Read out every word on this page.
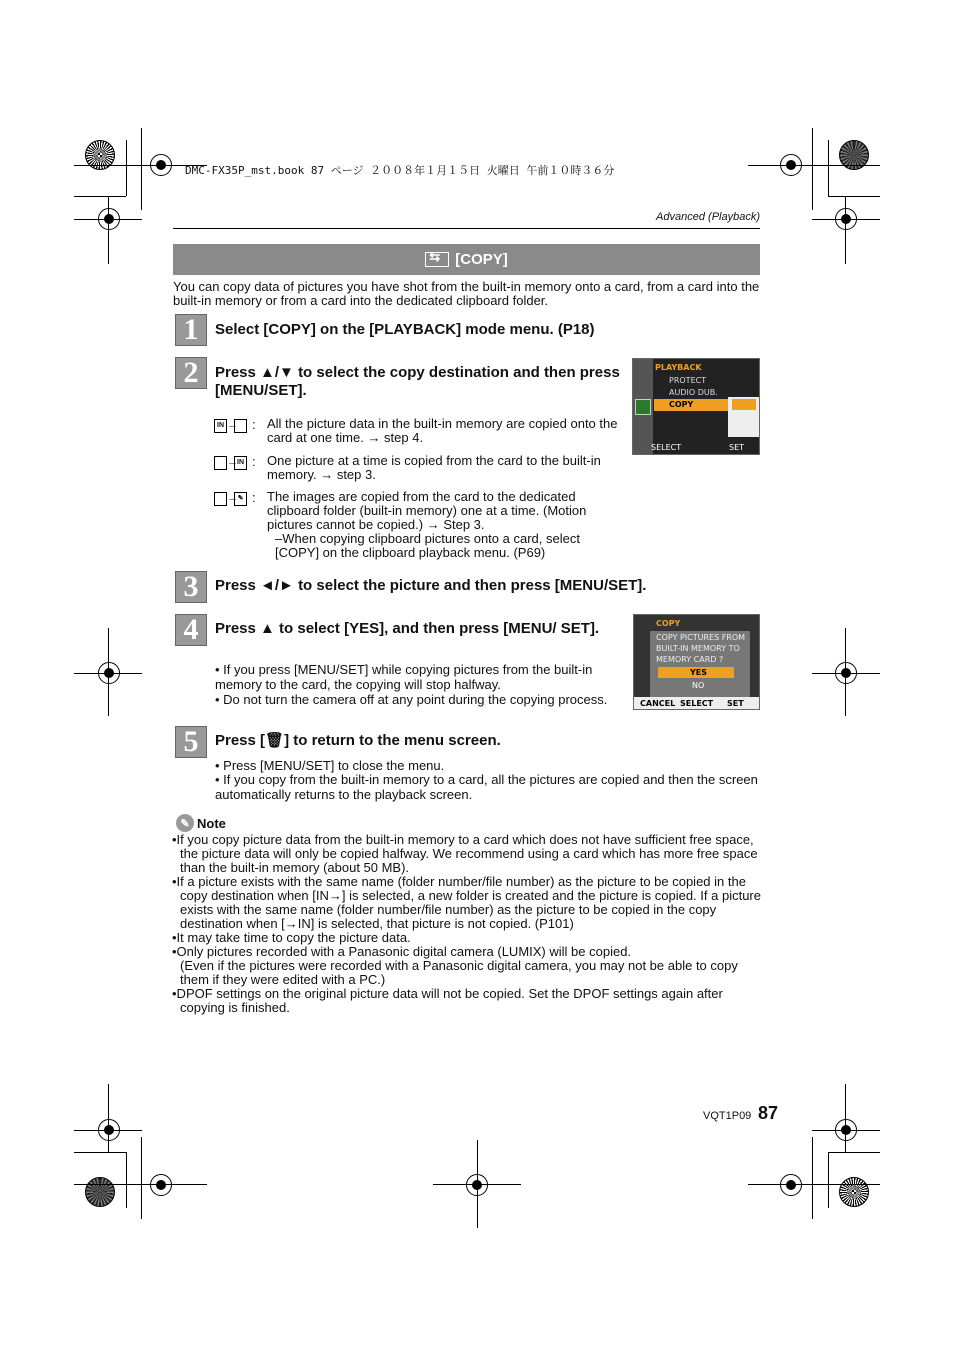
DMC-FX35P_mst.book 87 ページ ２００８年１月１５日 火曜日 午前１０時３６分
Advanced (Playback)
⇆
[COPY]
You can copy data of pictures you have shot from the built-in memory onto a card, from a card into the built-in memory or from a card into the dedicated clipboard folder.
1	Select [COPY] on the [PLAYBACK] mode menu. (P18)
2	Press ▲/▼ to select the copy destination and then press [MENU/SET].
PLAYBACK
PROTECT
AUDIO DUB.
COPY
SELECT	SET
IN → : All the picture data in the built-in memory are copied onto the card at one time. → step 4.
→ IN : One picture at a time is copied from the card to the built-in memory. → step 3.
→ ✎ : The images are copied from the card to the dedicated clipboard folder (built-in memory) one at a time. (Motion pictures cannot be copied.) → Step 3.
–When copying clipboard pictures onto a card, select [COPY] on the clipboard playback menu. (P69)
3	Press ◄/► to select the picture and then press [MENU/SET].
4	Press ▲ to select [YES], and then press [MENU/ SET].
• If you press [MENU/SET] while copying pictures from the built-in memory to the card, the copying will stop halfway.
• Do not turn the camera off at any point during the copying process.
COPY
COPY PICTURES FROM
BUILT-IN MEMORY TO
MEMORY CARD ?
YES
NO
CANCEL SELECT SET
5	Press [🗑] to return to the menu screen.
• Press [MENU/SET] to close the menu.
• If you copy from the built-in memory to a card, all the pictures are copied and then the screen automatically returns to the playback screen.
✎ Note

•If you copy picture data from the built-in memory to a card which does not have sufficient free space, the picture data will only be copied halfway. We recommend using a card which has more free space than the built-in memory (about 50 MB).

•If a picture exists with the same name (folder number/file number) as the picture to be copied in the copy destination when [IN→] is selected, a new folder is created and the picture is copied. If a picture exists with the same name (folder number/file number) as the picture to be copied in the copy destination when [→IN] is selected, that picture is not copied. (P101)

•It may take time to copy the picture data.

•Only pictures recorded with a Panasonic digital camera (LUMIX) will be copied.

(Even if the pictures were recorded with a Panasonic digital camera, you may not be able to copy them if they were edited with a PC.)

•DPOF settings on the original picture data will not be copied. Set the DPOF settings again after copying is finished.

VQT1P09 87
